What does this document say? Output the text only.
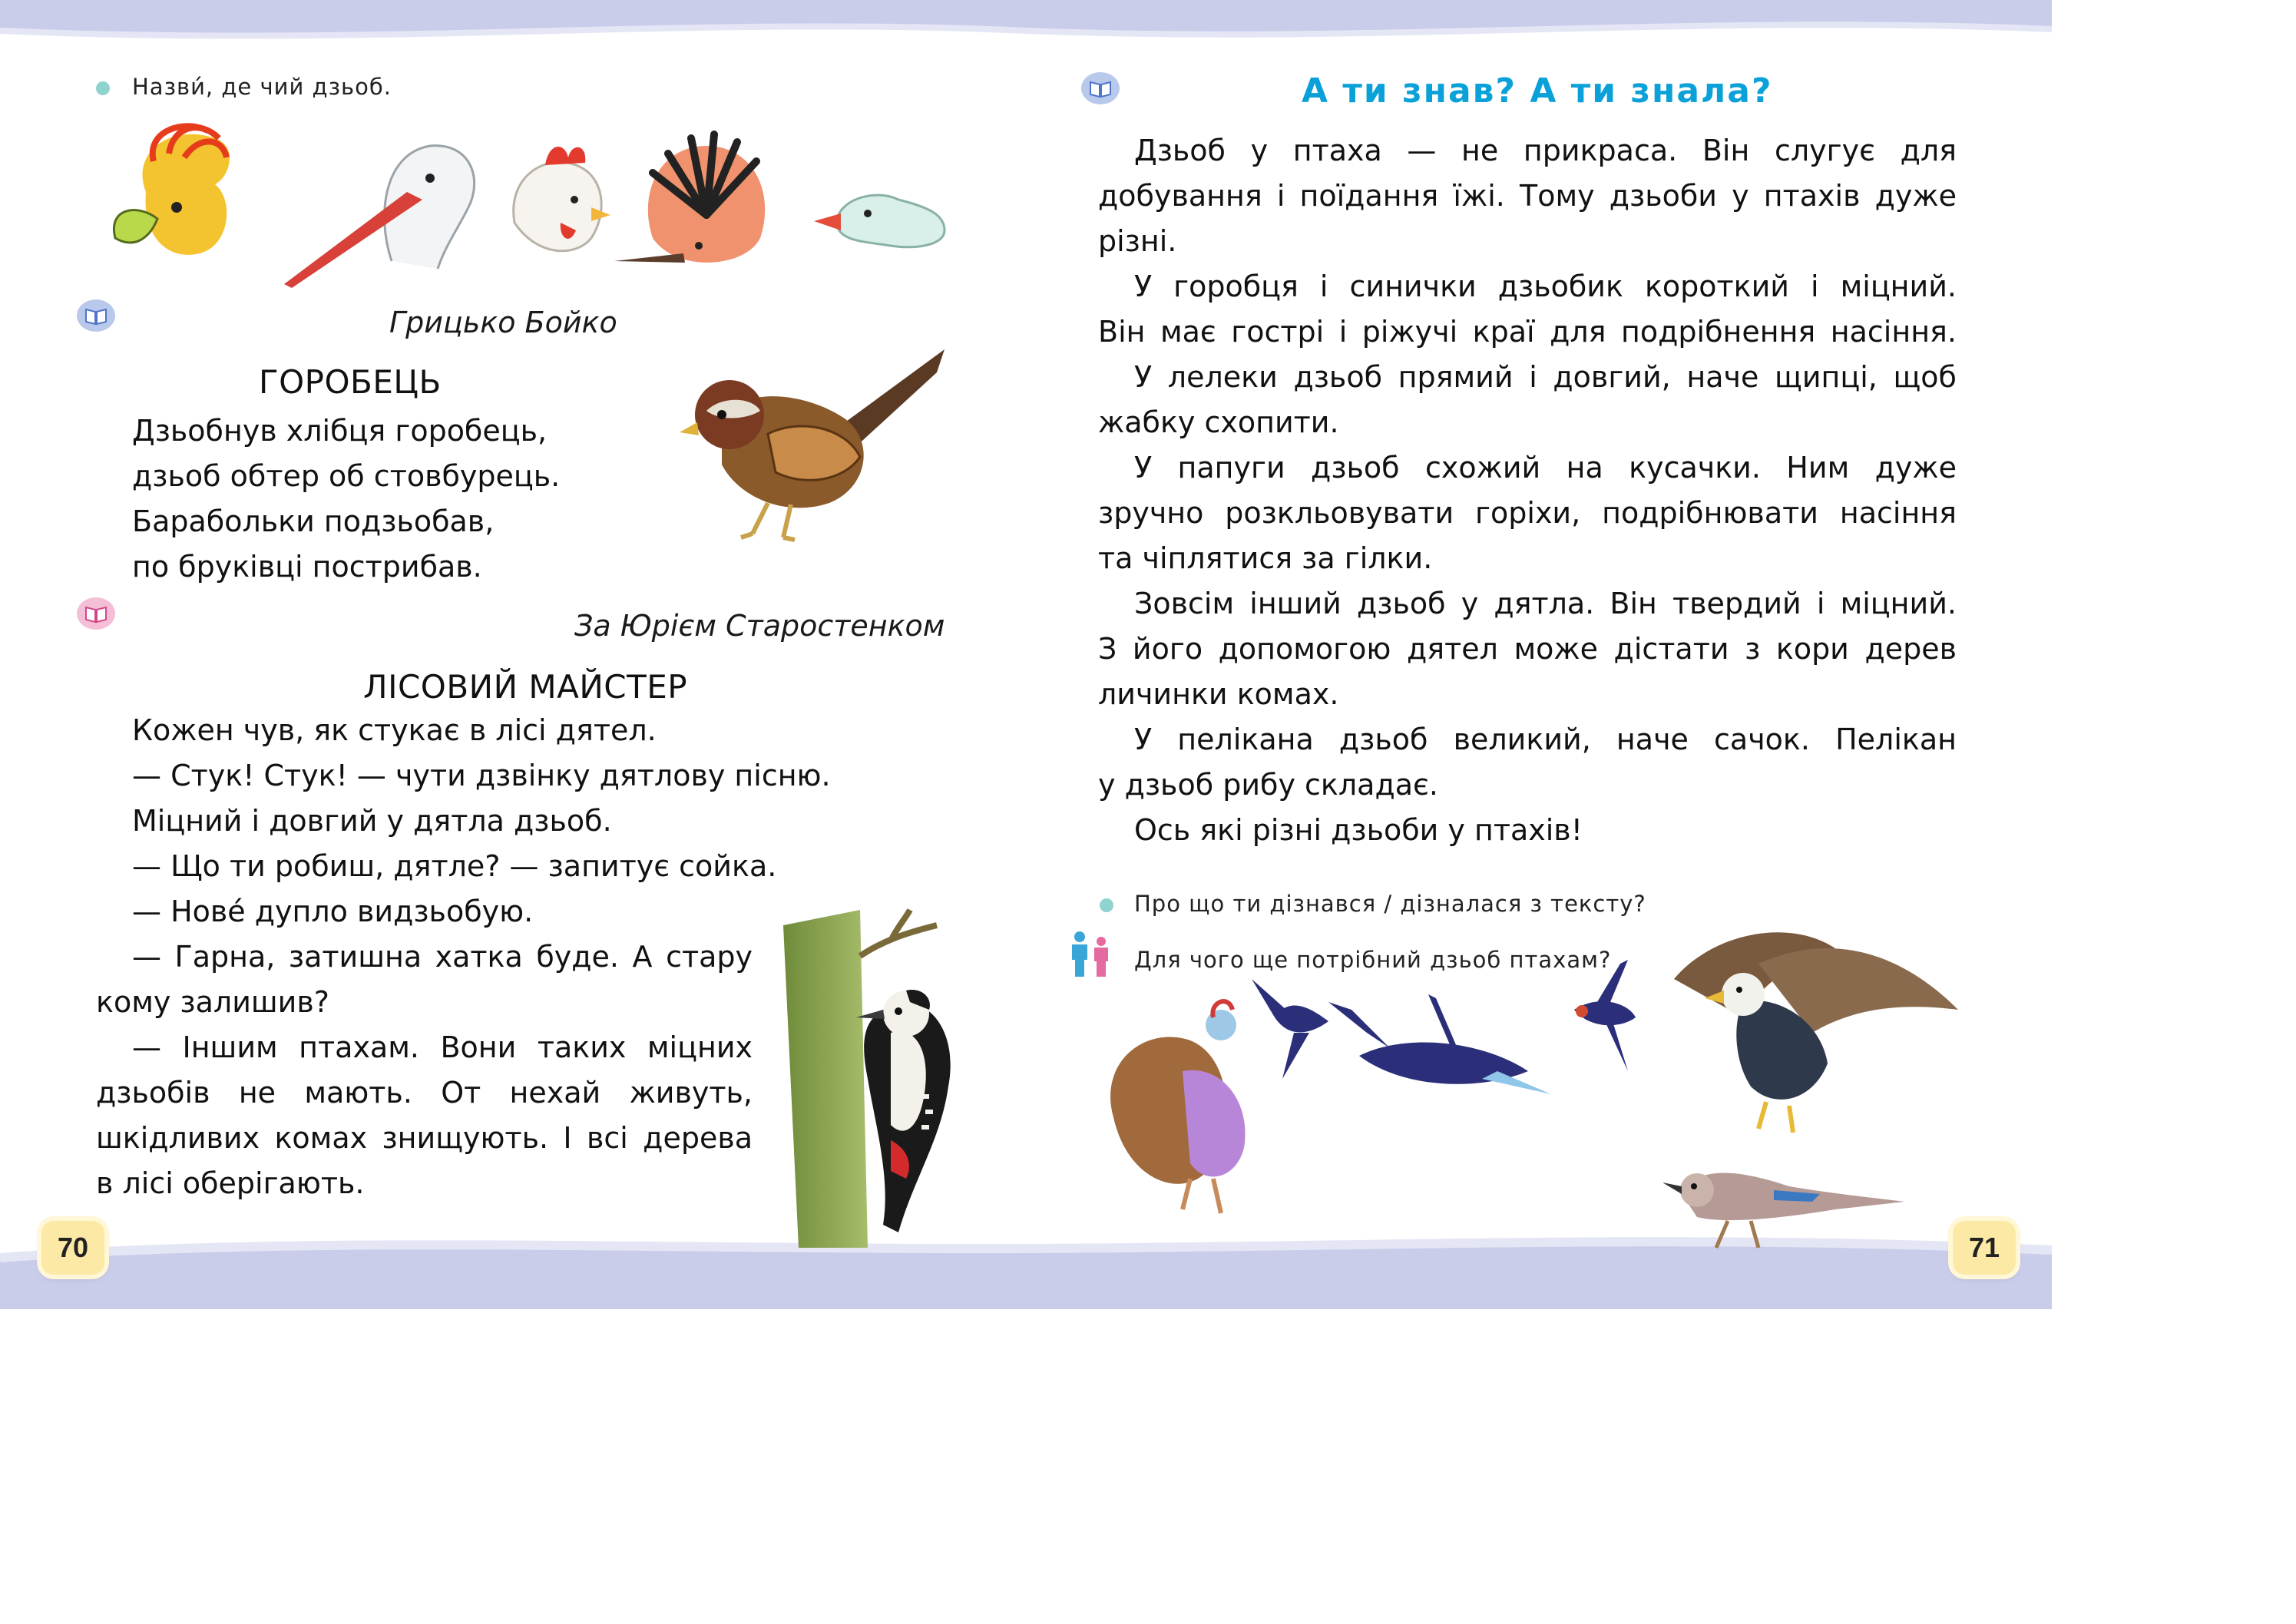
Назви́, де чий дзьоб.
Грицько Бойко
ГОРОБЕЦЬ
Дзьобнув хлібця горобець,
дзьоб обтер об стовбурець.
Барабольки подзьобав,
по бруківці пострибав.
За Юрієм Старостенком
ЛІСОВИЙ МАЙСТЕР
Кожен чув, як стукає в лісі дятел.
— Стук! Стук! — чути дзвінку дятлову пісню.
Міцний і довгий у дятла дзьоб.
— Що ти робиш, дятле? — запитує сойка.
— Нове́ дупло видзьобую.
— Гарна, затишна хатка буде. А стару
кому залишив?
— Іншим птахам. Вони таких міцних
дзьобів не мають. От нехай живуть,
шкідливих комах знищують. І всі дерева
в лісі оберігають.
70
А ти знав? А ти знала?
Дзьоб у птаха — не прикраса. Він слугує для
добування і поїдання їжі. Тому дзьоби у птахів дуже
різні.
У горобця і синички дзьобик короткий і міцний.
Він має гострі і ріжучі краї для подрібнення насіння.
У лелеки дзьоб прямий і довгий, наче щипці, щоб
жабку схопити.
У папуги дзьоб схожий на кусачки. Ним дуже
зручно розкльовувати горіхи, подрібнювати насіння
та чіплятися за гілки.
Зовсім інший дзьоб у дятла. Він твердий і міцний.
З його допомогою дятел може дістати з кори дерев
личинки комах.
У пелікана дзьоб великий, наче сачок. Пелікан
у дзьоб рибу складає.
Ось які різні дзьоби у птахів!
Про що ти дізнався / дізналася з тексту?
Для чого ще потрібний дзьоб птахам?
71
